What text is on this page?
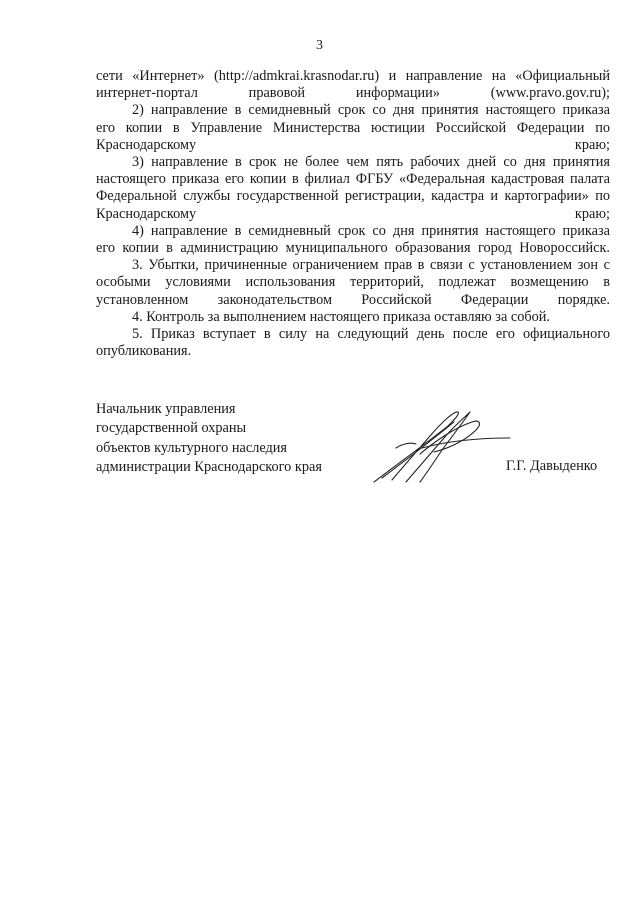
3

сети «Интернет» (http://admkrai.krasnodar.ru) и направление на «Официальный
интернет-портал правовой информации» (www.pravo.gov.ru);

2) направление в семидневный срок со дня принятия настоящего приказа
его копии в Управление Министерства юстиции Российской Федерации по
Краснодарскому краю;

3) направление в срок не более чем пять рабочих дней со дня принятия
настоящего приказа его копии в филиал ФГБУ «Федеральная кадастровая палата
Федеральной службы государственной регистрации, кадастра и картографии» по
Краснодарскому краю;

4) направление в семидневный срок со дня принятия настоящего приказа
его копии в администрацию муниципального образования город Новороссийск.

3. Убытки, причиненные ограничением прав в связи с установлением зон с
особыми условиями использования территорий, подлежат возмещению в
установленном законодательством Российской Федерации порядке.

4. Контроль за выполнением настоящего приказа оставляю за собой.

5. Приказ вступает в силу на следующий день после его официального
опубликования.

Начальник управления
государственной охраны
объектов культурного наследия
администрации Краснодарского края	Г.Г. Давыденко
